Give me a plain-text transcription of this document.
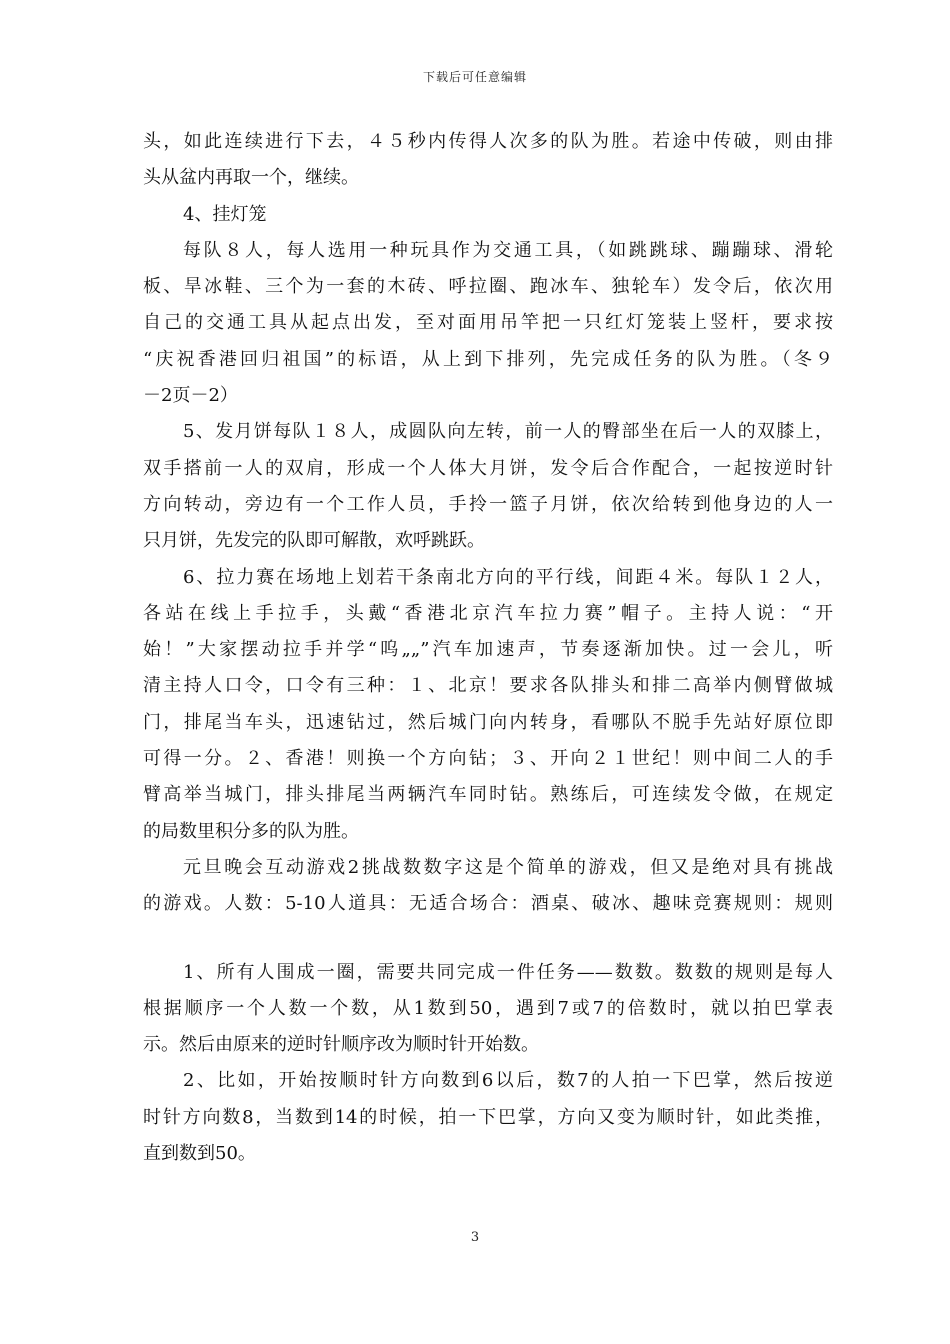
下载后可任意编辑
头，如此连续进行下去，４５秒内传得人次多的队为胜。若途中传破，则由排
头从盆内再取一个，继续。
4、挂灯笼
每队８人，每人选用一种玩具作为交通工具，（如跳跳球、蹦蹦球、滑轮
板、旱冰鞋、三个为一套的木砖、呼拉圈、跑冰车、独轮车）发令后，依次用
自己的交通工具从起点出发，至对面用吊竿把一只红灯笼装上竖杆，要求按
“庆祝香港回归祖国”的标语，从上到下排列，先完成任务的队为胜。（冬９
－2页－2）
5、发月饼每队１８人，成圆队向左转，前一人的臀部坐在后一人的双膝上，
双手搭前一人的双肩，形成一个人体大月饼，发令后合作配合，一起按逆时针
方向转动，旁边有一个工作人员，手拎一篮子月饼，依次给转到他身边的人一
只月饼，先发完的队即可解散，欢呼跳跃。
6、拉力赛在场地上划若干条南北方向的平行线，间距４米。每队１２人，
各站在线上手拉手，头戴“香港北京汽车拉力赛”帽子。主持人说：“开
始！”大家摆动拉手并学“呜„„”汽车加速声，节奏逐渐加快。过一会儿，听
清主持人口令，口令有三种：１、北京！要求各队排头和排二高举内侧臂做城
门，排尾当车头，迅速钻过，然后城门向内转身，看哪队不脱手先站好原位即
可得一分。２、香港！则换一个方向钻；３、开向２１世纪！则中间二人的手
臂高举当城门，排头排尾当两辆汽车同时钻。熟练后，可连续发令做，在规定
的局数里积分多的队为胜。
元旦晚会互动游戏2挑战数数字这是个简单的游戏，但又是绝对具有挑战
的游戏。人数：5-10人道具：无适合场合：酒桌、破冰、趣味竞赛规则：规则
1、所有人围成一圈，需要共同完成一件任务——数数。数数的规则是每人
根据顺序一个人数一个数，从1数到50，遇到7或7的倍数时，就以拍巴掌表
示。然后由原来的逆时针顺序改为顺时针开始数。
2、比如，开始按顺时针方向数到6以后，数7的人拍一下巴掌，然后按逆
时针方向数8，当数到14的时候，拍一下巴掌，方向又变为顺时针，如此类推，
直到数到50。
3
